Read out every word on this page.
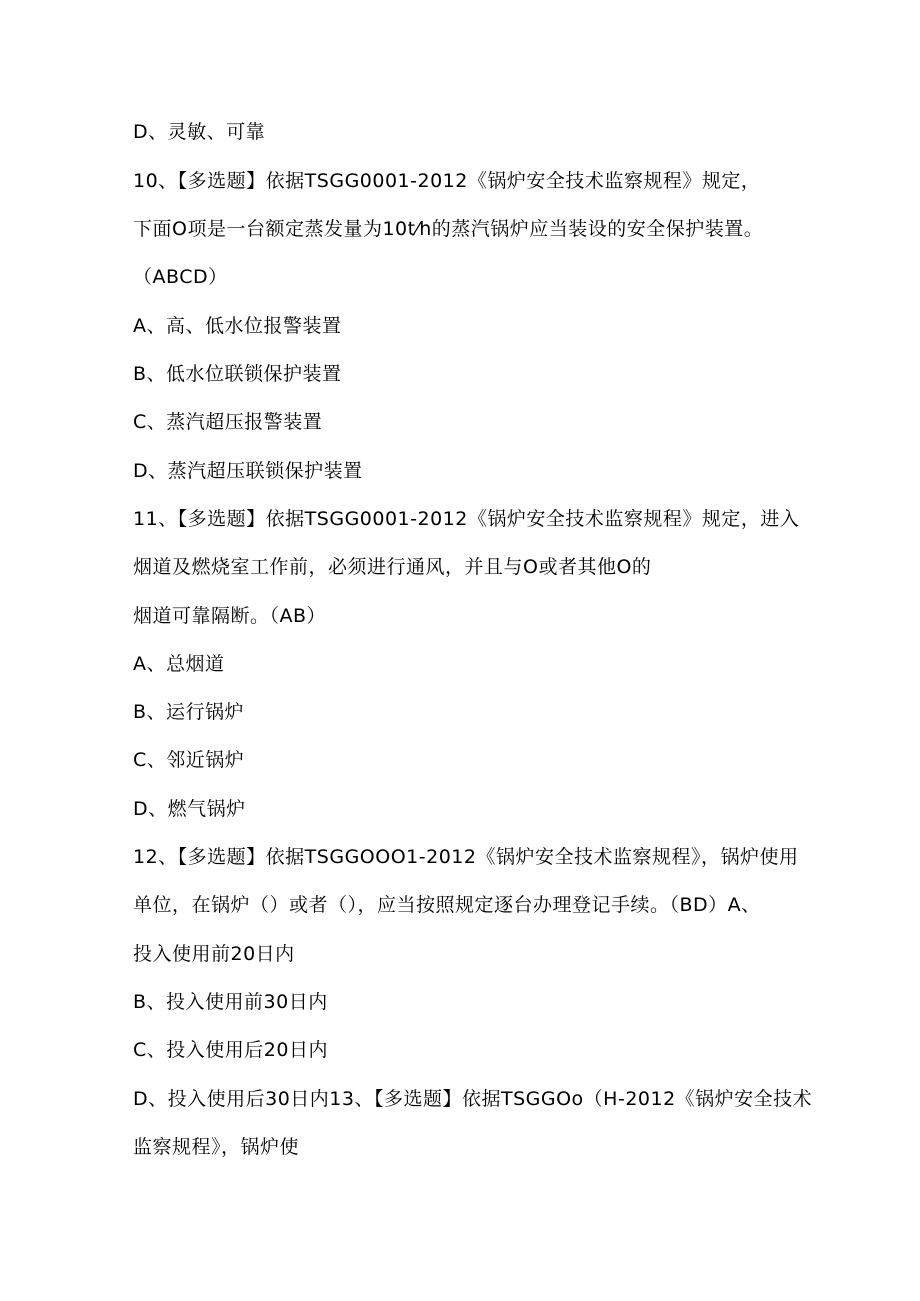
D、灵敏、可靠
10、【多选题】依据TSGG0001-2012《锅炉安全技术监察规程》规定，
下面O项是一台额定蒸发量为10t⁄h的蒸汽锅炉应当装设的安全保护装置。
（ABCD）
A、高、低水位报警装置
B、低水位联锁保护装置
C、蒸汽超压报警装置
D、蒸汽超压联锁保护装置
11、【多选题】依据TSGG0001-2012《锅炉安全技术监察规程》规定，进入
烟道及燃烧室工作前，必须进行通风，并且与O或者其他O的
烟道可靠隔断。（AB）
A、总烟道
B、运行锅炉
C、邻近锅炉
D、燃气锅炉
12、【多选题】依据TSGGOOO1-2012《锅炉安全技术监察规程》，锅炉使用
单位，在锅炉（）或者（），应当按照规定逐台办理登记手续。（BD）A、
投入使用前20日内
B、投入使用前30日内
C、投入使用后20日内
D、投入使用后30日内13、【多选题】依据TSGGOo（H-2012《锅炉安全技术
监察规程》，锅炉使
